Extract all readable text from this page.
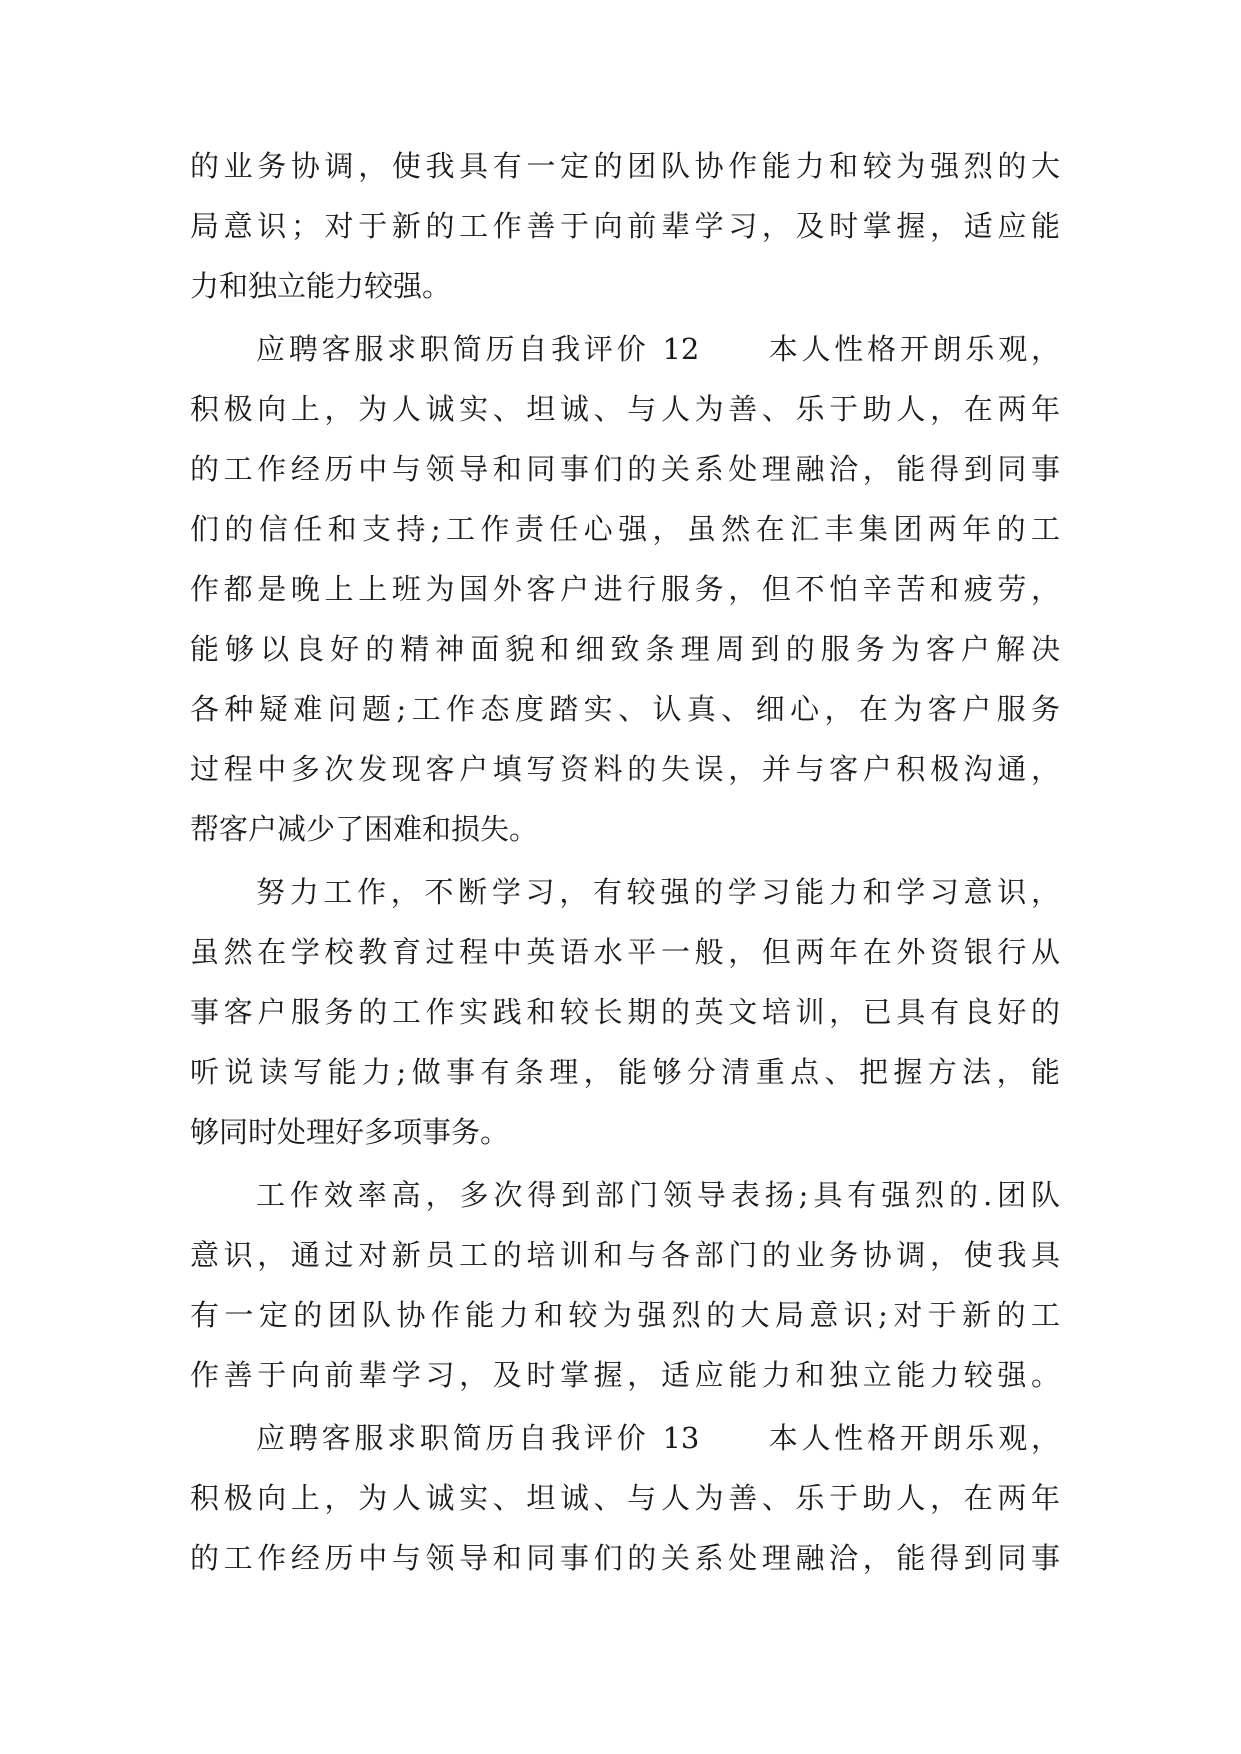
的业务协调，使我具有一定的团队协作能力和较为强烈的大
局意识；对于新的工作善于向前辈学习，及时掌握，适应能
力和独立能力较强。
应聘客服求职简历自我评价 12　　本人性格开朗乐观，
积极向上，为人诚实、坦诚、与人为善、乐于助人，在两年
的工作经历中与领导和同事们的关系处理融洽，能得到同事
们的信任和支持;工作责任心强，虽然在汇丰集团两年的工
作都是晚上上班为国外客户进行服务，但不怕辛苦和疲劳，
能够以良好的精神面貌和细致条理周到的服务为客户解决
各种疑难问题;工作态度踏实、认真、细心，在为客户服务
过程中多次发现客户填写资料的失误，并与客户积极沟通，
帮客户减少了困难和损失。
努力工作，不断学习，有较强的学习能力和学习意识，
虽然在学校教育过程中英语水平一般，但两年在外资银行从
事客户服务的工作实践和较长期的英文培训，已具有良好的
听说读写能力;做事有条理，能够分清重点、把握方法，能
够同时处理好多项事务。
工作效率高，多次得到部门领导表扬;具有强烈的.团队
意识，通过对新员工的培训和与各部门的业务协调，使我具
有一定的团队协作能力和较为强烈的大局意识;对于新的工
作善于向前辈学习，及时掌握，适应能力和独立能力较强。
应聘客服求职简历自我评价 13　　本人性格开朗乐观，
积极向上，为人诚实、坦诚、与人为善、乐于助人，在两年
的工作经历中与领导和同事们的关系处理融洽，能得到同事
